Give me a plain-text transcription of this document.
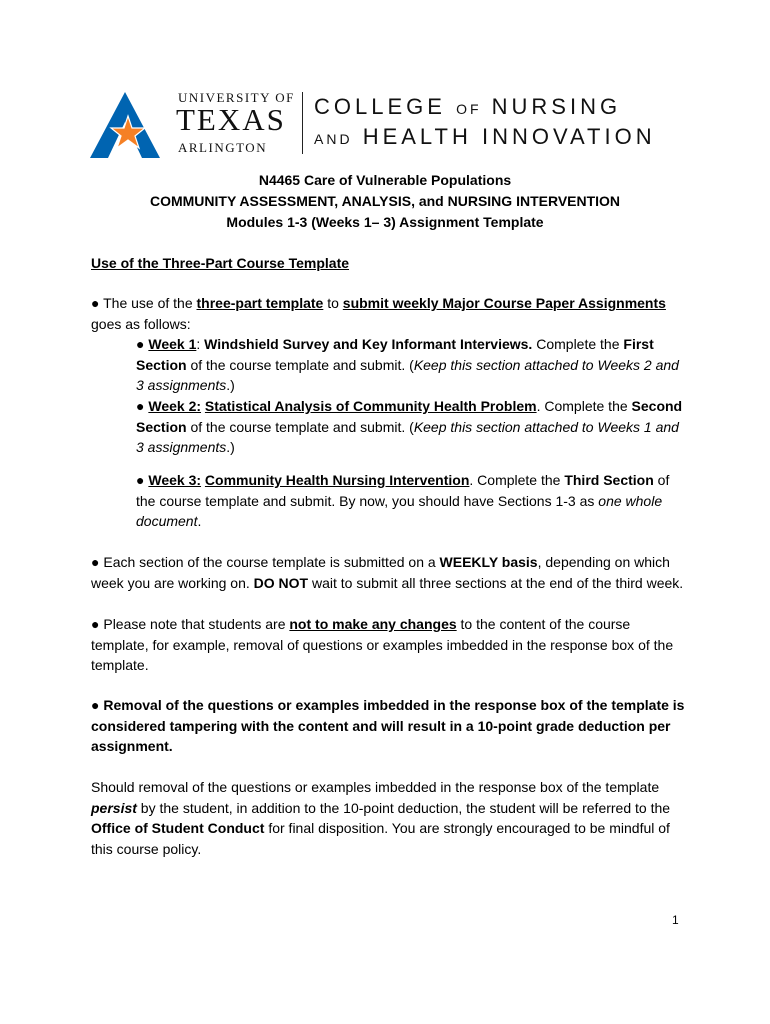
UNIVERSITY OF
TEXAS
ARLINGTON
COLLEGE OF NURSING
AND HEALTH INNOVATION
N4465 Care of Vulnerable Populations
COMMUNITY ASSESSMENT, ANALYSIS, and NURSING INTERVENTION
Modules 1-3 (Weeks 1– 3) Assignment Template
Use of the Three-Part Course Template
● The use of the three-part template to submit weekly Major Course Paper Assignments goes as follows:
● Week 1: Windshield Survey and Key Informant Interviews. Complete the First Section of the course template and submit. (Keep this section attached to Weeks 2 and 3 assignments.)
● Week 2: Statistical Analysis of Community Health Problem. Complete the Second Section of the course template and submit. (Keep this section attached to Weeks 1 and 3 assignments.)
● Week 3: Community Health Nursing Intervention. Complete the Third Section of the course template and submit. By now, you should have Sections 1-3 as one whole document.
● Each section of the course template is submitted on a WEEKLY basis, depending on which week you are working on. DO NOT wait to submit all three sections at the end of the third week.
● Please note that students are not to make any changes to the content of the course template, for example, removal of questions or examples imbedded in the response box of the template.
● Removal of the questions or examples imbedded in the response box of the template is considered tampering with the content and will result in a 10-point grade deduction per assignment.
Should removal of the questions or examples imbedded in the response box of the template persist by the student, in addition to the 10-point deduction, the student will be referred to the Office of Student Conduct for final disposition. You are strongly encouraged to be mindful of this course policy.
1
